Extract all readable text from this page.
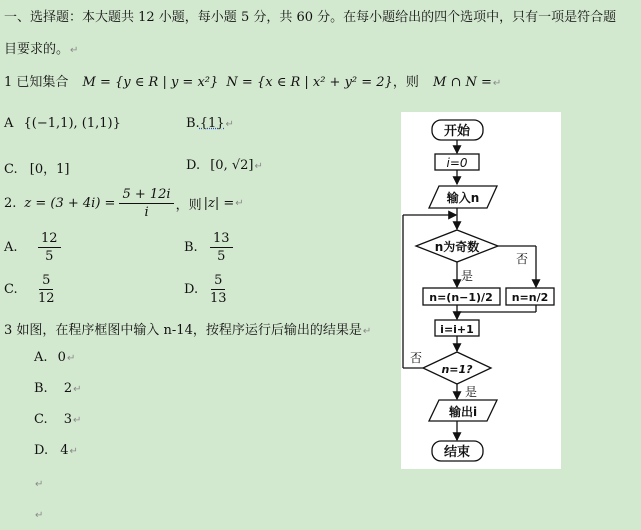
一、选择题：本大题共 12 小题，每小题 5 分，共 60 分。在每小题给出的四个选项中，只有一项是符合题
目要求的。↵
1 已知集合 M = {y ∈ R | y = x²} N = {x ∈ R | x² + y² = 2}，则 M ∩ N =↵
A {(−1,1), (1,1)}	B.{1}↵
C. [0，1]	D. [0, √2]↵
2. $z = (3 + 4i) = \frac{5 + 12i}{i}$ ，则 |z| = ↵
A.	$\frac{12}{5}$	B. $\frac{13}{5}$
C.	$\frac{5}{12}$	D. $\frac{5}{13}$
3 如图，在程序框图中输入 n-14，按程序运行后输出的结果是↵
A. 0↵
B. 2↵
C. 3↵
D. 4↵
↵
↵
开始
i=0
输入n
n为奇数
是
否
n=(n−1)/2 n=n/2
i=i+1
n=1?
否
是
输出i
结束
